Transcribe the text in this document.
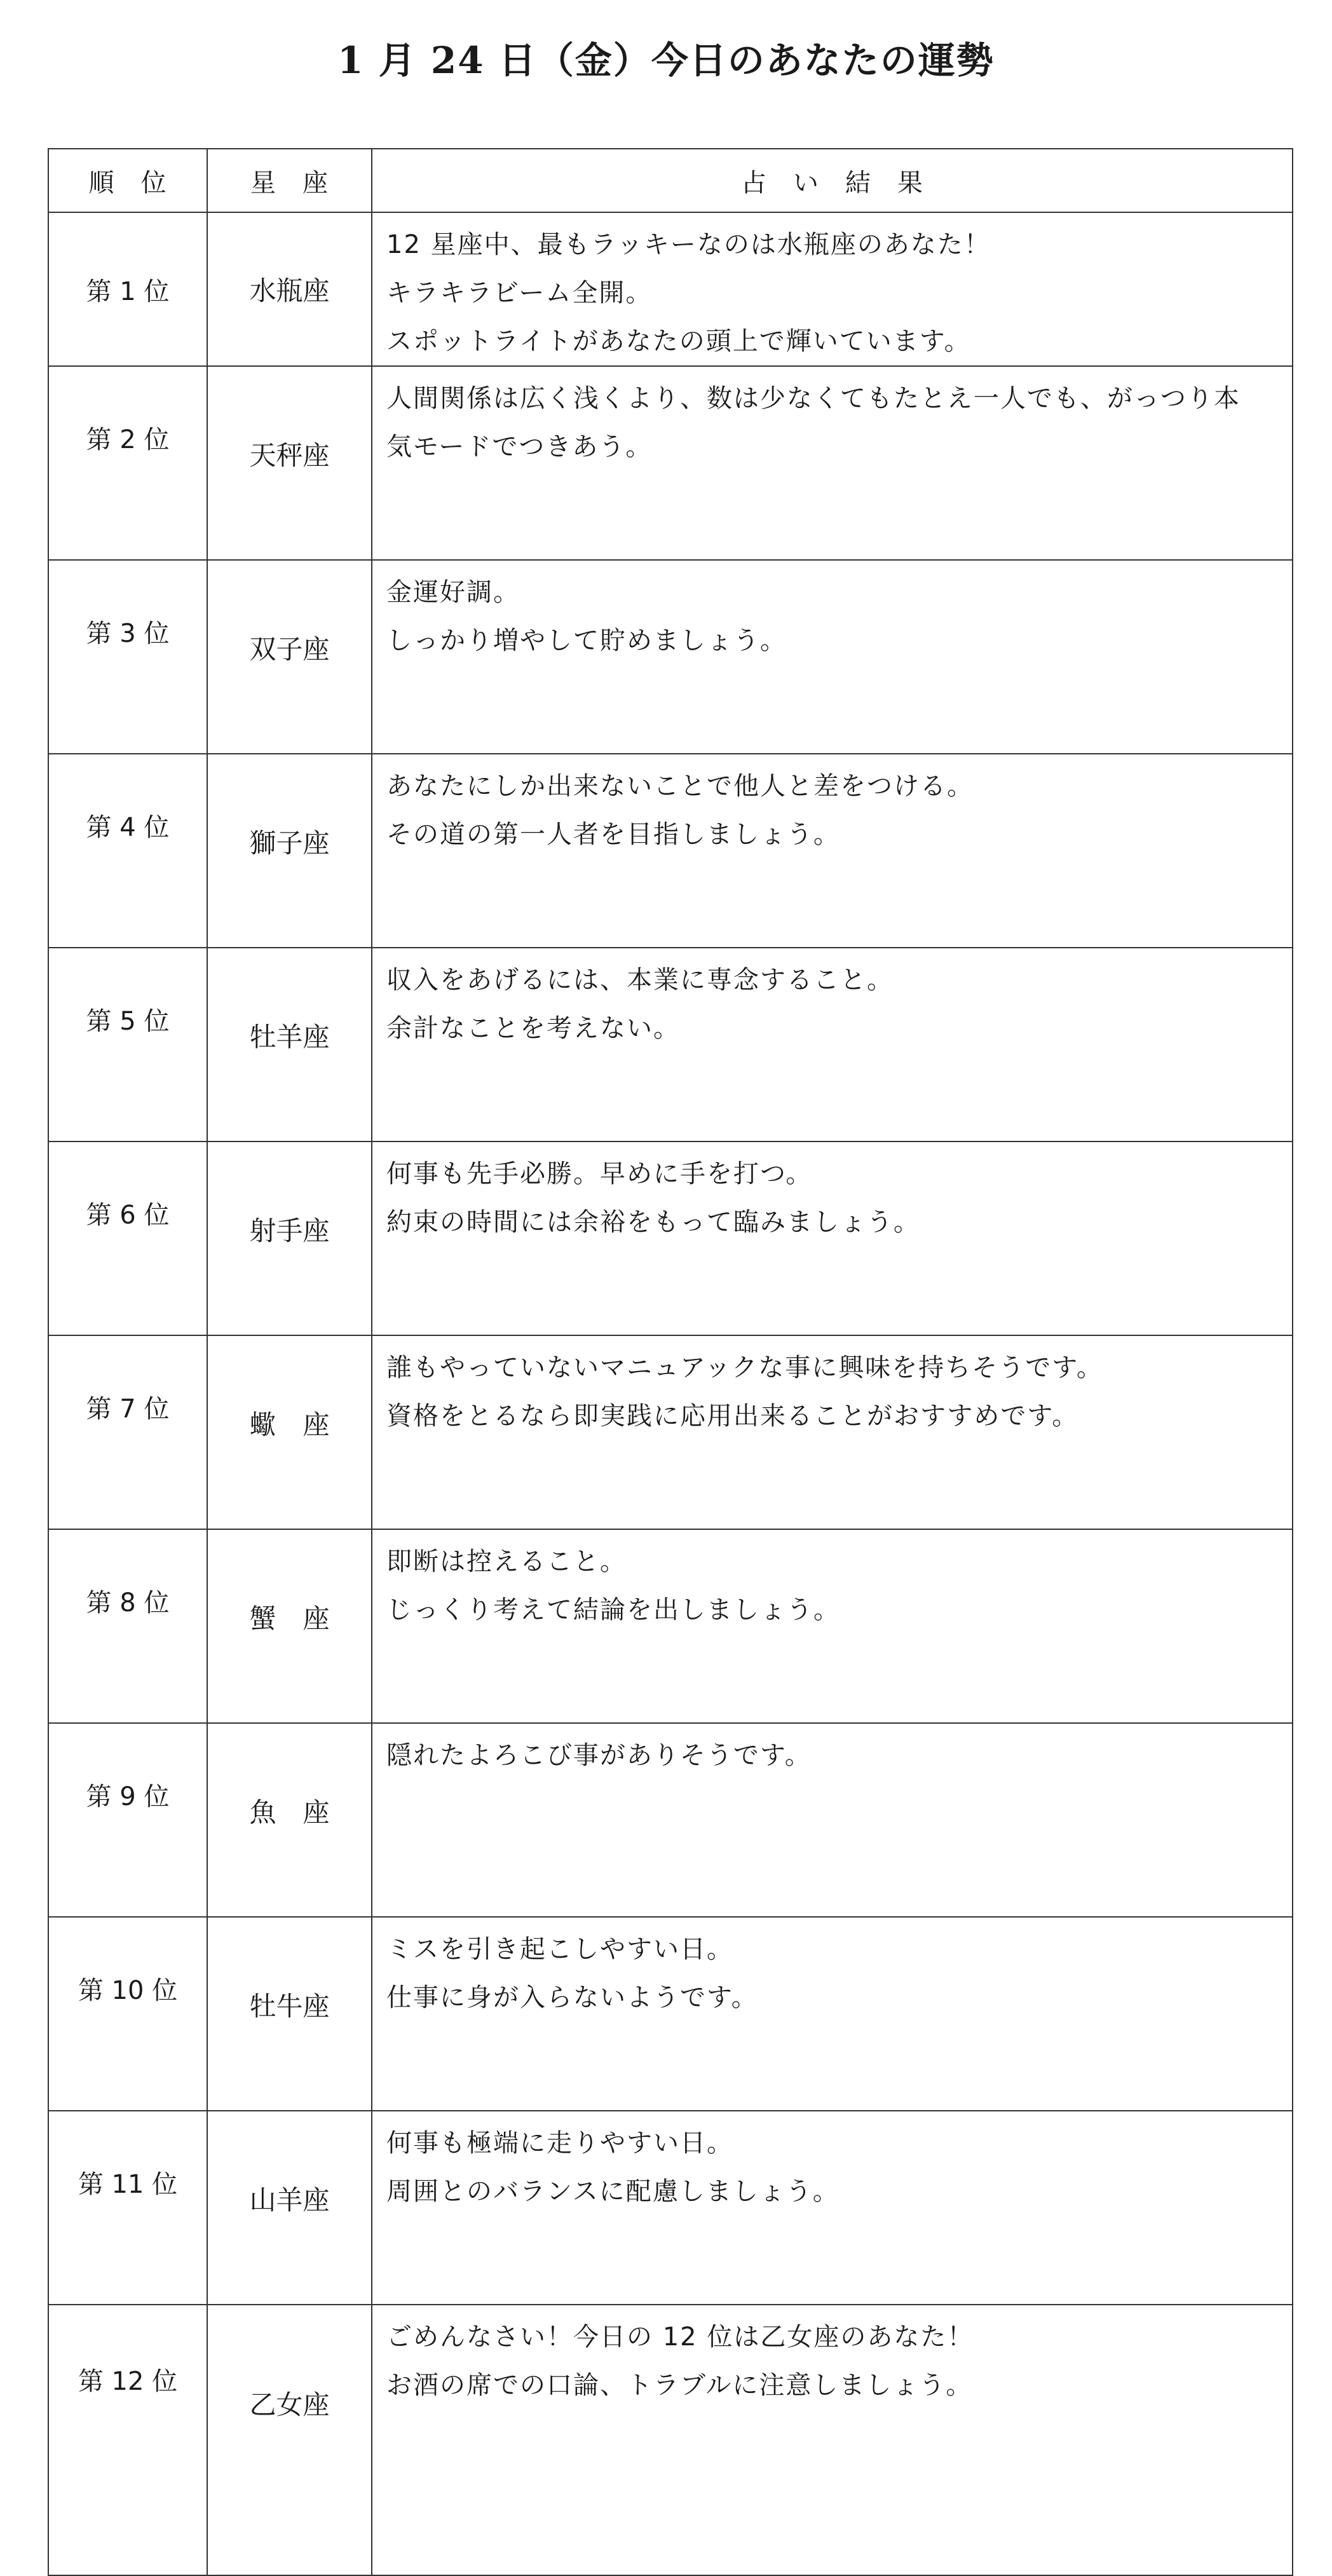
1 月 24 日（金）今日のあなたの運勢
順　位	星　座	占　い　結　果
第 1 位	水瓶座	12 星座中、最もラッキーなのは水瓶座のあなた！

キラキラビーム全開。

スポットライトがあなたの頭上で輝いています。

第 2 位	天秤座	人間関係は広く浅くより、数は少なくてもたとえ一人でも、がっつり本

気モードでつきあう。

第 3 位	双子座	金運好調。

しっかり増やして貯めましょう。

第 4 位	獅子座	あなたにしか出来ないことで他人と差をつける。

その道の第一人者を目指しましょう。

第 5 位	牡羊座	収入をあげるには、本業に専念すること。

余計なことを考えない。

第 6 位	射手座	何事も先手必勝。早めに手を打つ。

約束の時間には余裕をもって臨みましょう。

第 7 位	蠍　座	誰もやっていないマニュアックな事に興味を持ちそうです。

資格をとるなら即実践に応用出来ることがおすすめです。

第 8 位	蟹　座	即断は控えること。

じっくり考えて結論を出しましょう。

第 9 位	魚　座	隠れたよろこび事がありそうです。

第 10 位	牡牛座	ミスを引き起こしやすい日。

仕事に身が入らないようです。

第 11 位	山羊座	何事も極端に走りやすい日。

周囲とのバランスに配慮しましょう。

第 12 位	乙女座	ごめんなさい！今日の 12 位は乙女座のあなた！

お酒の席での口論、トラブルに注意しましょう。
